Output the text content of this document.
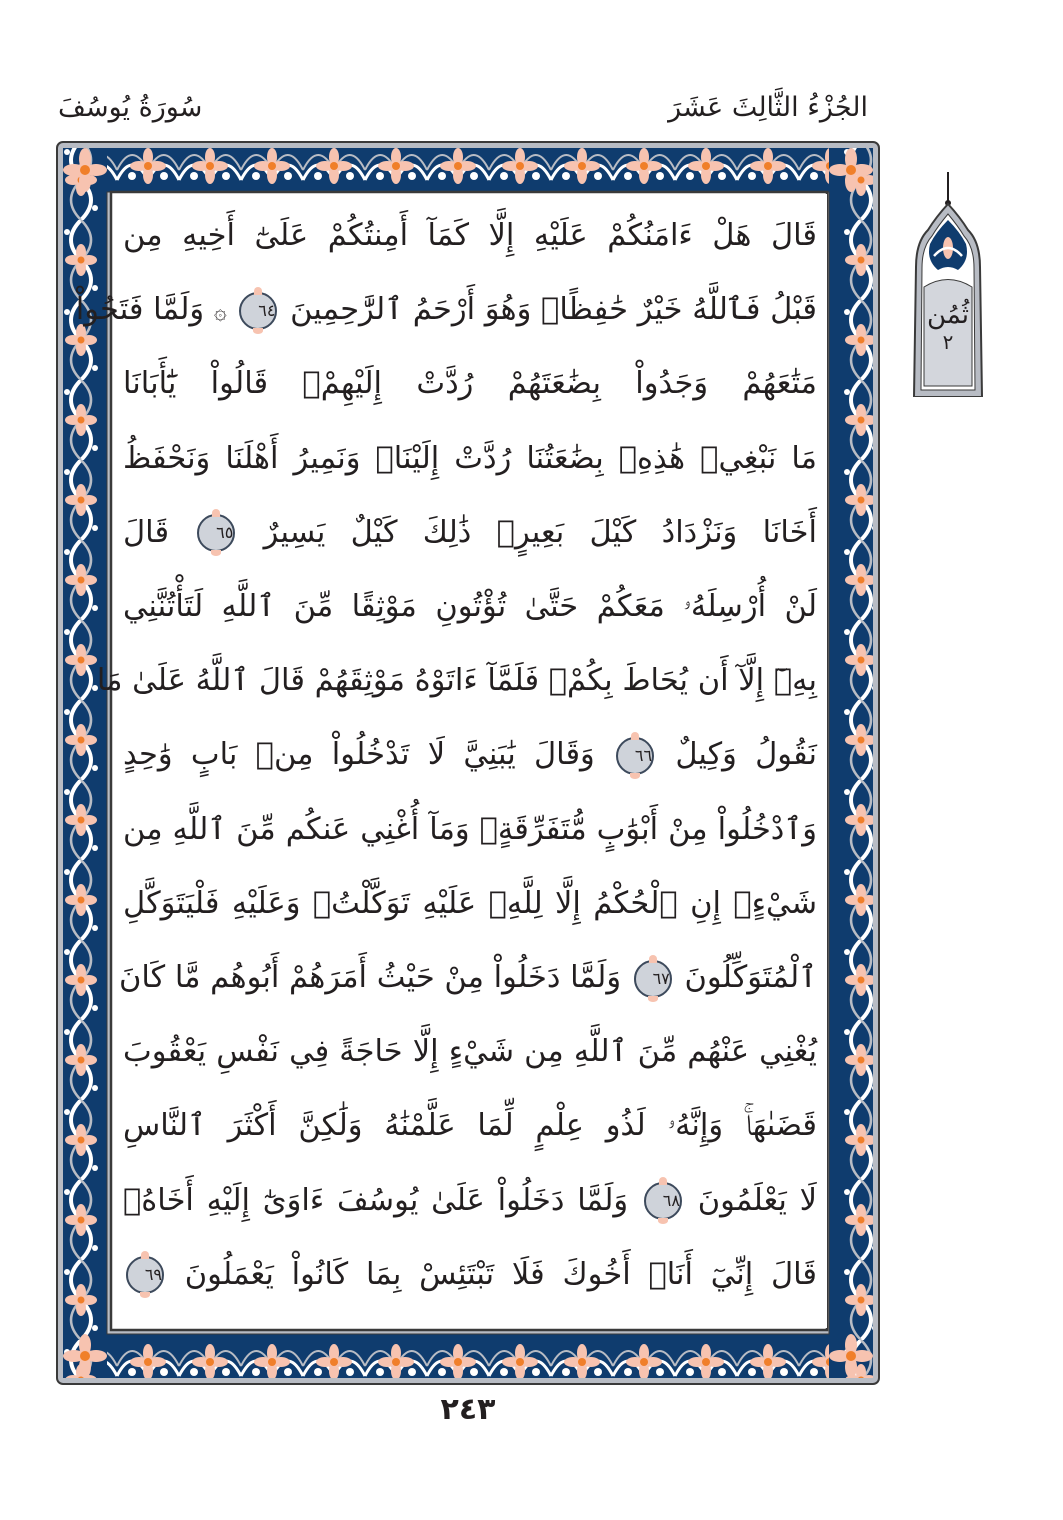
الجُزْءُ الثَّالِثَ عَشَرَ
سُورَةُ يُوسُفَ
قَالَ هَلْ ءَامَنُكُمْ عَلَيْهِ إِلَّا كَمَآ أَمِنتُكُمْ عَلَىٰٓ أَخِيهِ مِن
قَبْلُ فَٱللَّهُ خَيْرٌ حَٰفِظًاۖ وَهُوَ أَرْحَمُ ٱلرَّٰحِمِينَ ٦٤ ۞ وَلَمَّا فَتَحُواْ
مَتَٰعَهُمْ وَجَدُواْ بِضَٰعَتَهُمْ رُدَّتْ إِلَيْهِمْۖ قَالُواْ يَٰٓأَبَانَا
مَا نَبْغِيۖ هَٰذِهِۦ بِضَٰعَتُنَا رُدَّتْ إِلَيْنَاۖ وَنَمِيرُ أَهْلَنَا وَنَحْفَظُ
أَخَانَا وَنَزْدَادُ كَيْلَ بَعِيرٍۖ ذَٰلِكَ كَيْلٌ يَسِيرٌ ٦٥ قَالَ
لَنْ أُرْسِلَهُۥ مَعَكُمْ حَتَّىٰ تُؤْتُونِ مَوْثِقًا مِّنَ ٱللَّهِ لَتَأْتُنَّنِي
بِهِۦٓ إِلَّآ أَن يُحَاطَ بِكُمْۖ فَلَمَّآ ءَاتَوْهُ مَوْثِقَهُمْ قَالَ ٱللَّهُ عَلَىٰ مَا
نَقُولُ وَكِيلٌ ٦٦ وَقَالَ يَٰبَنِيَّ لَا تَدْخُلُواْ مِنۢ بَابٍ وَٰحِدٍ
وَٱدْخُلُواْ مِنْ أَبْوَٰبٍ مُّتَفَرِّقَةٍۖ وَمَآ أُغْنِي عَنكُم مِّنَ ٱللَّهِ مِن
شَيْءٍۖ إِنِ ٱلْحُكْمُ إِلَّا لِلَّهِۖ عَلَيْهِ تَوَكَّلْتُۖ وَعَلَيْهِ فَلْيَتَوَكَّلِ
ٱلْمُتَوَكِّلُونَ ٦٧ وَلَمَّا دَخَلُواْ مِنْ حَيْثُ أَمَرَهُمْ أَبُوهُم مَّا كَانَ
يُغْنِي عَنْهُم مِّنَ ٱللَّهِ مِن شَيْءٍ إِلَّا حَاجَةً فِي نَفْسِ يَعْقُوبَ
قَضَىٰهَاۚ وَإِنَّهُۥ لَذُو عِلْمٍ لِّمَا عَلَّمْنَٰهُ وَلَٰكِنَّ أَكْثَرَ ٱلنَّاسِ
لَا يَعْلَمُونَ ٦٨ وَلَمَّا دَخَلُواْ عَلَىٰ يُوسُفَ ءَاوَىٰٓ إِلَيْهِ أَخَاهُۖ
قَالَ إِنِّيٓ أَنَا۠ أَخُوكَ فَلَا تَبْتَئِسْ بِمَا كَانُواْ يَعْمَلُونَ ٦٩
ثُمُن
٢
٢٤٣
